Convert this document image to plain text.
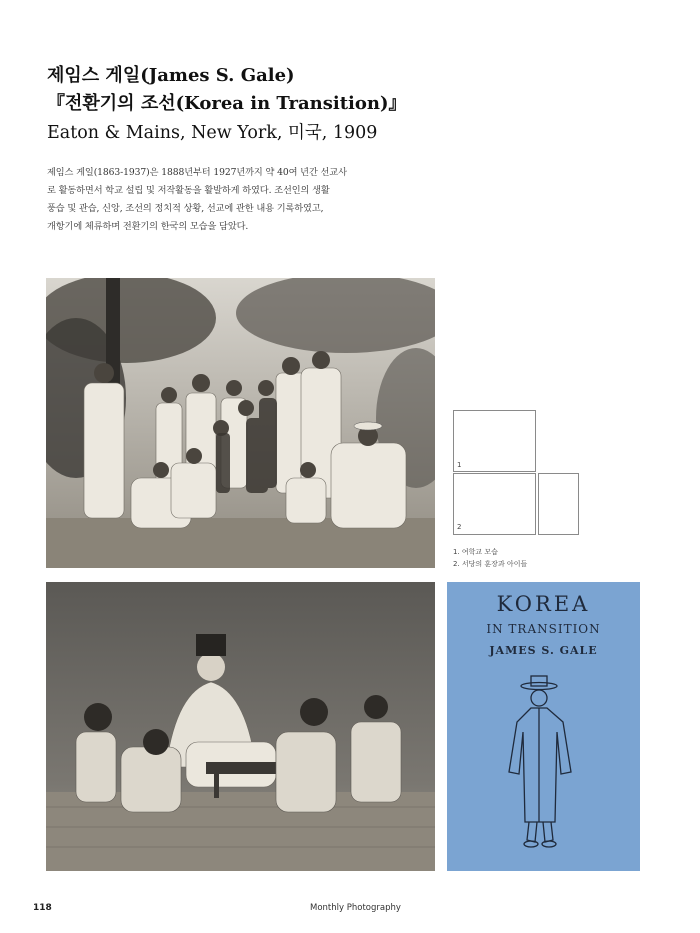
제임스 게일(James S. Gale)
『전환기의 조선(Korea in Transition)』
Eaton & Mains, New York, 미국, 1909
제임스 게일(1863-1937)은 1888년부터 1927년까지 약 40여 년간 선교사
로 활동하면서 학교 설립 및 저작활동을 활발하게 하였다. 조선인의 생활
풍습 및 관습, 신앙, 조선의 정치적 상황, 선교에 관한 내용 기록하였고,
개항기에 체류하며 전환기의 한국의 모습을 담았다.
KOREA
IN TRANSITION
JAMES S. GALE
1
2
1. 여학교 모습
2. 서당의 훈장과 아이들
118	Monthly Photography
